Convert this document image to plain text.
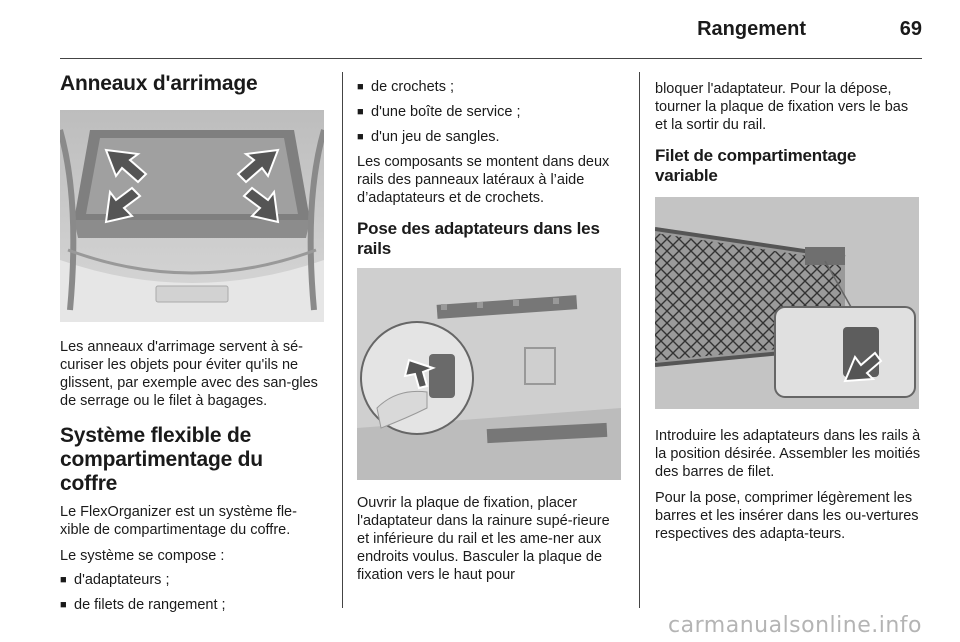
Rangement	69
Anneaux d'arrimage

Les anneaux d'arrimage servent à sé-curiser les objets pour éviter qu'ils ne glissent, par exemple avec des san-gles de serrage ou le filet à bagages.

Système flexible de compartimentage du coffre

Le FlexOrganizer est un système fle-xible de compartimentage du coffre.

Le système se compose :

■ d'adaptateurs ;
■ de filets de rangement ;
■ de crochets ;
■ d'une boîte de service ;
■ d'un jeu de sangles.

Les composants se montent dans deux rails des panneaux latéraux à l’aide d’adaptateurs et de crochets.

Pose des adaptateurs dans les rails

Ouvrir la plaque de fixation, placer l'adaptateur dans la rainure supé-rieure et inférieure du rail et les ame-ner aux endroits voulus. Basculer la plaque de fixation vers le haut pour

bloquer l'adaptateur. Pour la dépose, tourner la plaque de fixation vers le bas et la sortir du rail.

Filet de compartimentage variable

Introduire les adaptateurs dans les rails à la position désirée. Assembler les moitiés des barres de filet.

Pour la pose, comprimer légèrement les barres et les insérer dans les ou-vertures respectives des adapta-teurs.

carmanualsonline.info
